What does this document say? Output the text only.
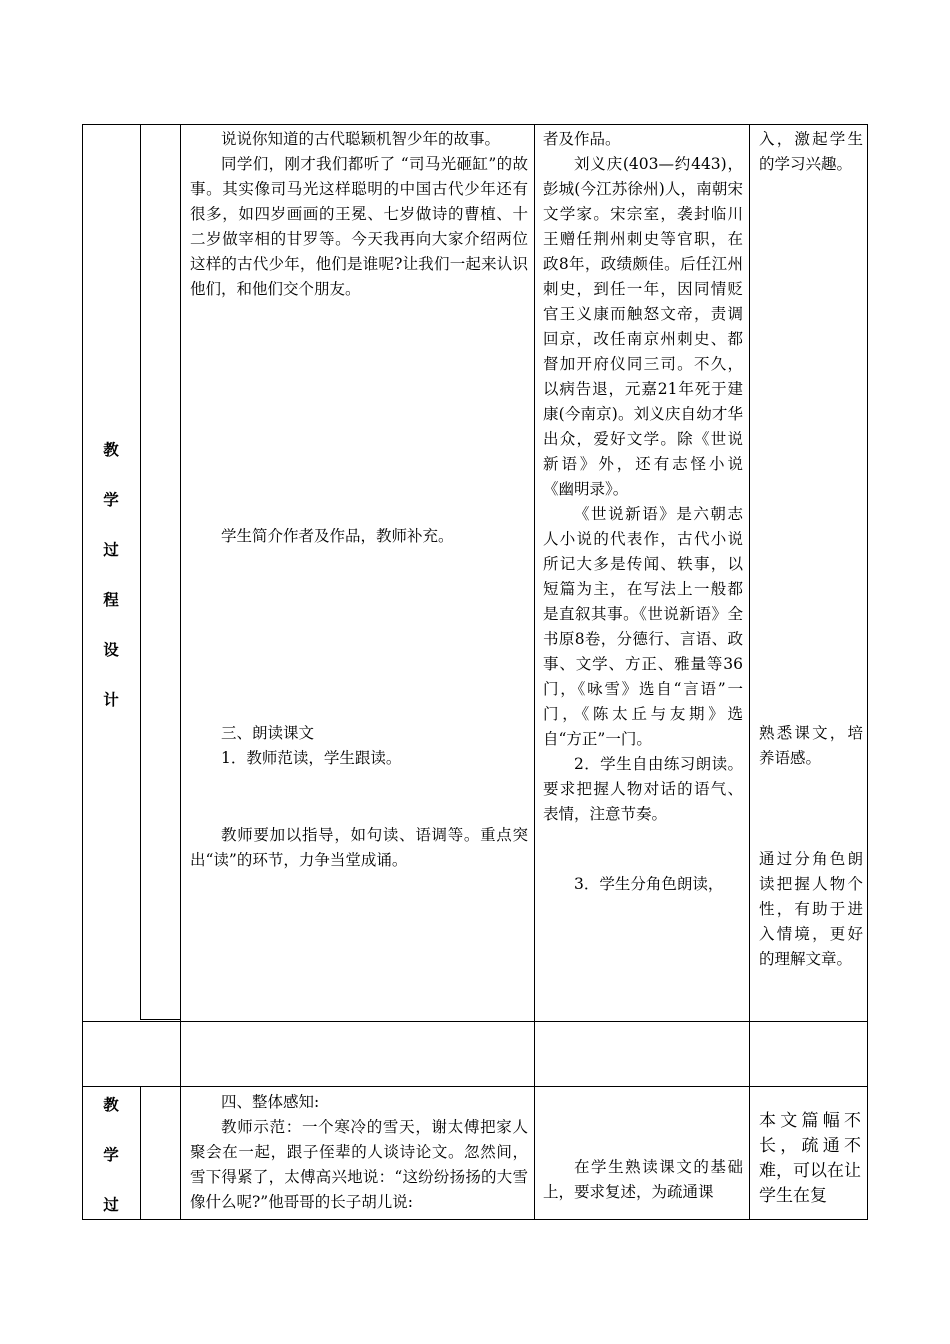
教
学
过
程
设
计
教
学
过

说说你知道的古代聪颖机智少年的故事。

同学们，刚才我们都听了 “司马光砸缸”的故事。其实像司马光这样聪明的中国古代少年还有很多，如四岁画画的王冕、七岁做诗的曹植、十二岁做宰相的甘罗等。今天我再向大家介绍两位这样的古代少年，他们是谁呢?让我们一起来认识他们，和他们交个朋友。

学生简介作者及作品，教师补充。

三、朗读课文

1．教师范读，学生跟读。

教师要加以指导，如句读、语调等。重点突出“读”的环节，力争当堂成诵。

者及作品。

刘义庆(403—约443)，彭城(今江苏徐州)人，南朝宋文学家。宋宗室，袭封临川王赠任荆州刺史等官职，在政8年，政绩颇佳。后任江州刺史，到任一年，因同情贬官王义康而触怒文帝，责调回京，改任南京州刺史、都督加开府仪同三司。不久，以病告退，元嘉21年死于建康(今南京)。刘义庆自幼才华出众，爱好文学。除《世说新语》外，还有志怪小说《幽明录》。

《世说新语》是六朝志人小说的代表作，古代小说所记大多是传闻、轶事，以短篇为主，在写法上一般都是直叙其事。《世说新语》全书原8卷，分德行、言语、政事、文学、方正、雅量等36门，《咏雪》选自“言语”一门，《陈太丘与友期》选自“方正”一门。

2．学生自由练习朗读。要求把握人物对话的语气、表情，注意节奏。

3．学生分角色朗读，

入，激起学生的学习兴趣。

熟悉课文，培养语感。

通过分角色朗读把握人物个性，有助于进入情境，更好的理解文章。

四、整体感知:

教师示范：一个寒冷的雪天，谢太傅把家人聚会在一起，跟子侄辈的人谈诗论文。忽然间，雪下得紧了，太傅高兴地说：“这纷纷扬扬的大雪像什么呢?”他哥哥的长子胡儿说:

在学生熟读课文的基础上，要求复述，为疏通课

本文篇幅不长，疏通不难，可以在让学生在复
